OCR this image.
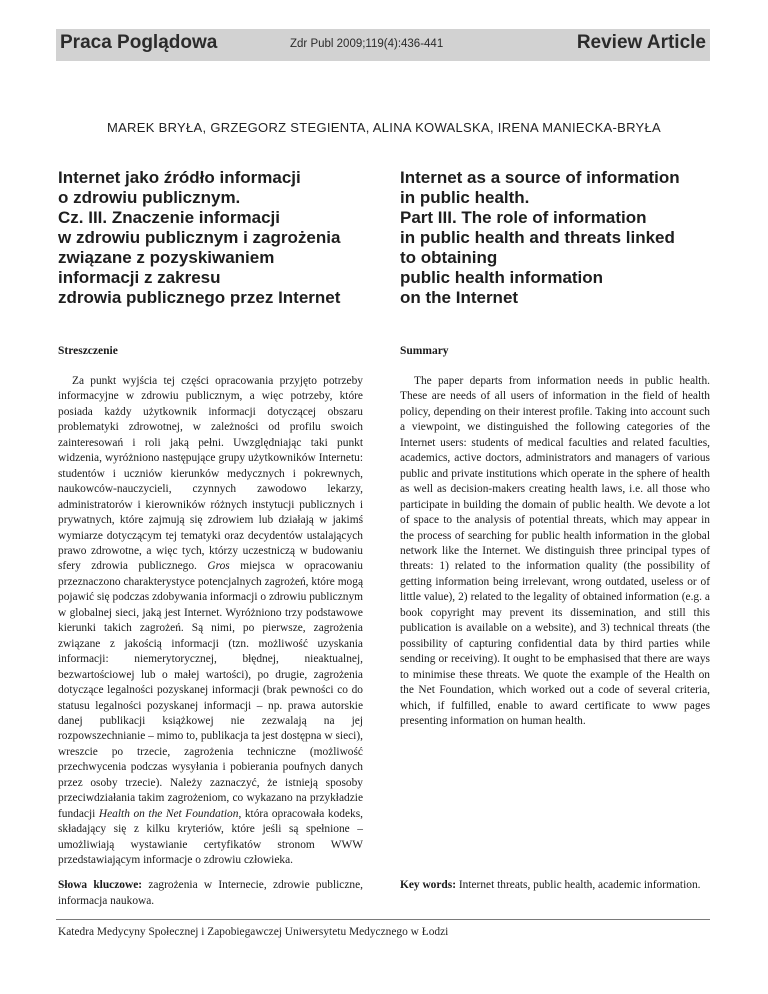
Praca Poglądowa	Zdr Publ 2009;119(4):436-441	Review Article
MAREK BRYŁA, GRZEGORZ STEGIENTA, ALINA KOWALSKA, IRENA MANIECKA-BRYŁA
Internet jako źródło informacji
o zdrowiu publicznym.
Cz. III. Znaczenie informacji
w zdrowiu publicznym i zagrożenia
związane z pozyskiwaniem
informacji z zakresu
zdrowia publicznego przez Internet
Internet as a source of information
in public health.
Part III. The role of information
in public health and threats linked
to obtaining
public health information
on the Internet
Streszczenie	Summary

Za punkt wyjścia tej części opracowania przyjęto potrzeby informacyjne w zdrowiu publicznym, a więc potrzeby, które posiada każdy użytkownik informacji dotyczącej obszaru problematyki zdrowotnej, w zależności od profilu swoich zainteresowań i roli jaką pełni. Uwzględniając taki punkt widzenia, wyróżniono następujące grupy użytkowników Internetu: studentów i uczniów kierunków medycznych i pokrewnych, naukowców-nauczycieli, czynnych zawodowo lekarzy, administratorów i kierowników różnych instytucji publicznych i prywatnych, które zajmują się zdrowiem lub działają w jakimś wymiarze dotyczącym tej tematyki oraz decydentów ustalających prawo zdrowotne, a więc tych, którzy uczestniczą w budowaniu sfery zdrowia publicznego. Gros miejsca w opracowaniu przeznaczono charakterystyce potencjalnych zagrożeń, które mogą pojawić się podczas zdobywania informacji o zdrowiu publicznym w globalnej sieci, jaką jest Internet. Wyróżniono trzy podstawowe kierunki takich zagrożeń. Są nimi, po pierwsze, zagrożenia związane z jakością informacji (tzn. możliwość uzyskania informacji: niemerytorycznej, błędnej, nieaktualnej, bezwartościowej lub o małej wartości), po drugie, zagrożenia dotyczące legalności pozyskanej informacji (brak pewności co do statusu legalności pozyskanej informacji – np. prawa autorskie danej publikacji książkowej nie zezwalają na jej rozpowszechnianie – mimo to, publikacja ta jest dostępna w sieci), wreszcie po trzecie, zagrożenia techniczne (możliwość przechwycenia podczas wysyłania i pobierania poufnych danych przez osoby trzecie). Należy zaznaczyć, że istnieją sposoby przeciwdziałania takim zagrożeniom, co wykazano na przykładzie fundacji Health on the Net Foundation, która opracowała kodeks, składający się z kilku kryteriów, które jeśli są spełnione – umożliwiają wystawianie certyfikatów stronom WWW przedstawiającym informacje o zdrowiu człowieka.

The paper departs from information needs in public health. These are needs of all users of information in the field of health policy, depending on their interest profile. Taking into account such a viewpoint, we distinguished the following categories of the Internet users: students of medical faculties and related faculties, academics, active doctors, administrators and managers of various public and private institutions which operate in the sphere of health as well as decision-makers creating health laws, i.e. all those who participate in building the domain of public health. We devote a lot of space to the analysis of potential threats, which may appear in the process of searching for public health information in the global network like the Internet. We distinguish three principal types of threats: 1) related to the information quality (the possibility of getting information being irrelevant, wrong outdated, useless or of little value), 2) related to the legality of obtained information (e.g. a book copyright may prevent its dissemination, and still this publication is available on a website), and 3) technical threats (the possibility of capturing confidential data by third parties while sending or receiving). It ought to be emphasised that there are ways to minimise these threats. We quote the example of the Health on the Net Foundation, which worked out a code of several criteria, which, if fulfilled, enable to award certificate to www pages presenting information on human health.

Słowa kluczowe: zagrożenia w Internecie, zdrowie publiczne, informacja naukowa.
Key words: Internet threats, public health, academic information.
Katedra Medycyny Społecznej i Zapobiegawczej Uniwersytetu Medycznego w Łodzi
